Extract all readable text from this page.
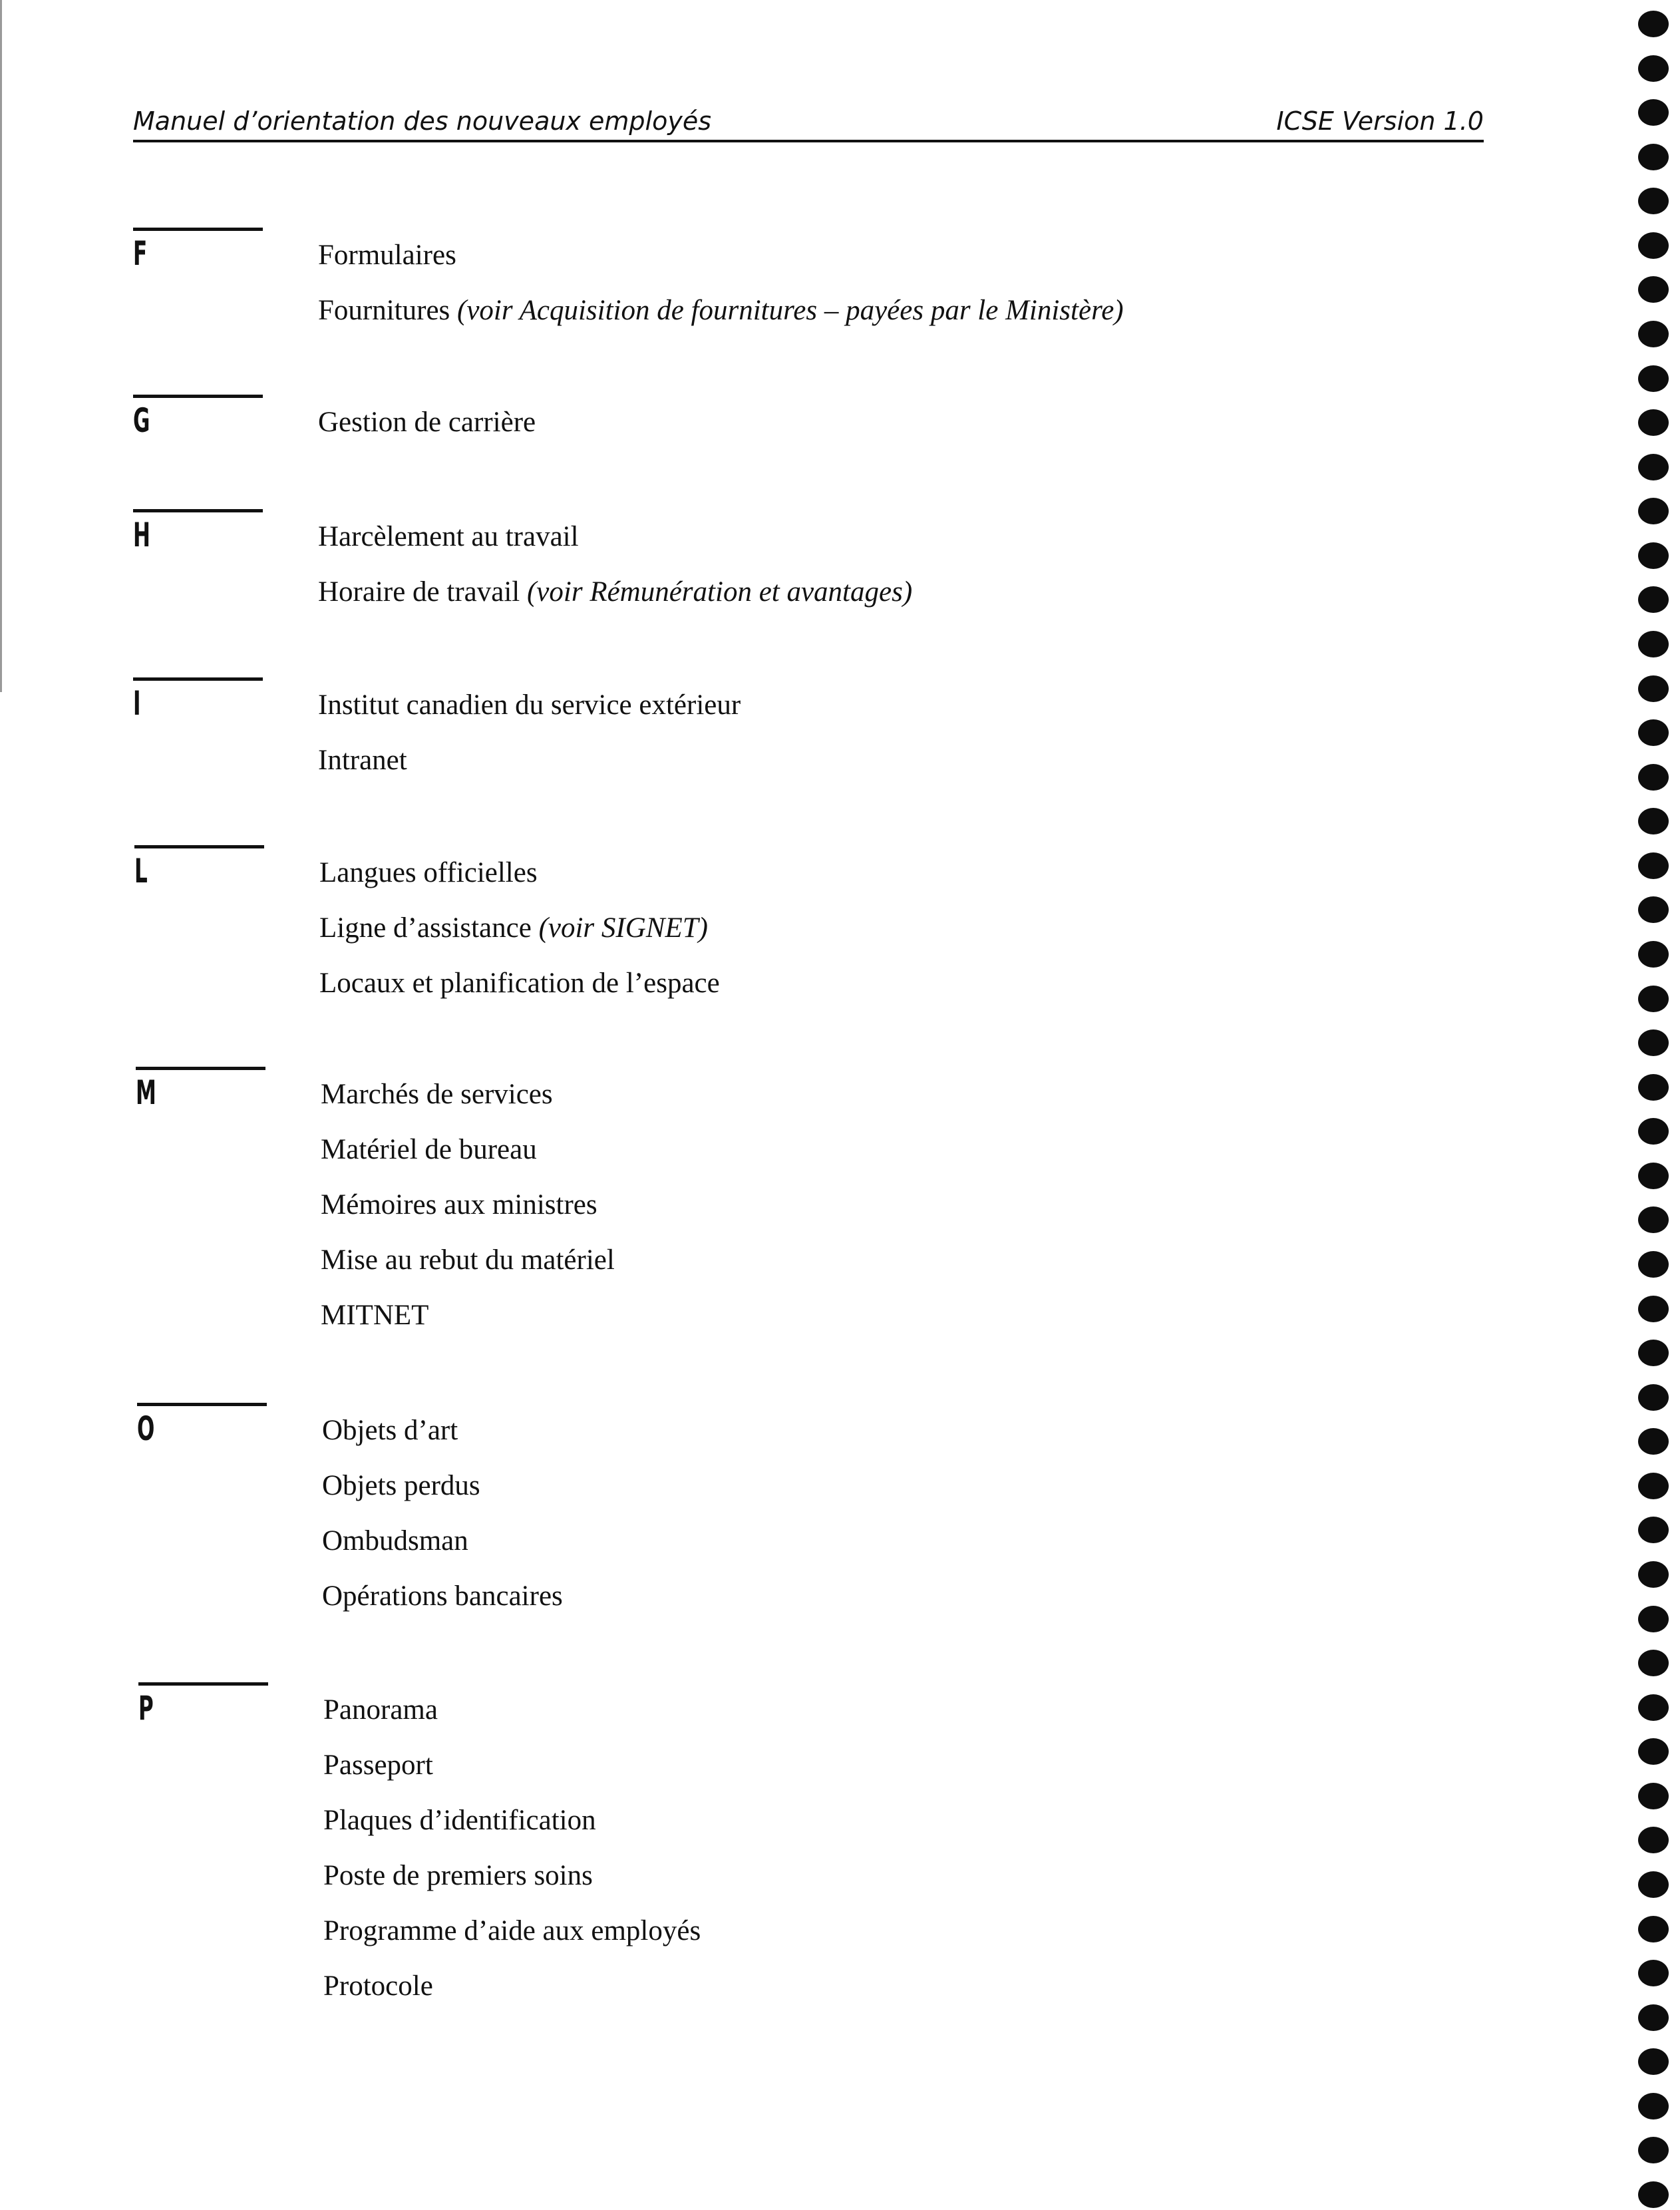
Manuel d’orientation des nouveaux employés	ICSE Version 1.0
F	Formulaires
Fournitures (voir Acquisition de fournitures – payées par le Ministère)
G	Gestion de carrière
H	Harcèlement au travail
Horaire de travail (voir Rémunération et avantages)
I	Institut canadien du service extérieur
Intranet
L	Langues officielles
Ligne d’assistance (voir SIGNET)
Locaux et planification de l’espace
M	Marchés de services
Matériel de bureau
Mémoires aux ministres
Mise au rebut du matériel
MITNET
O	Objets d’art
Objets perdus
Ombudsman
Opérations bancaires
P	Panorama
Passeport
Plaques d’identification
Poste de premiers soins
Programme d’aide aux employés
Protocole
